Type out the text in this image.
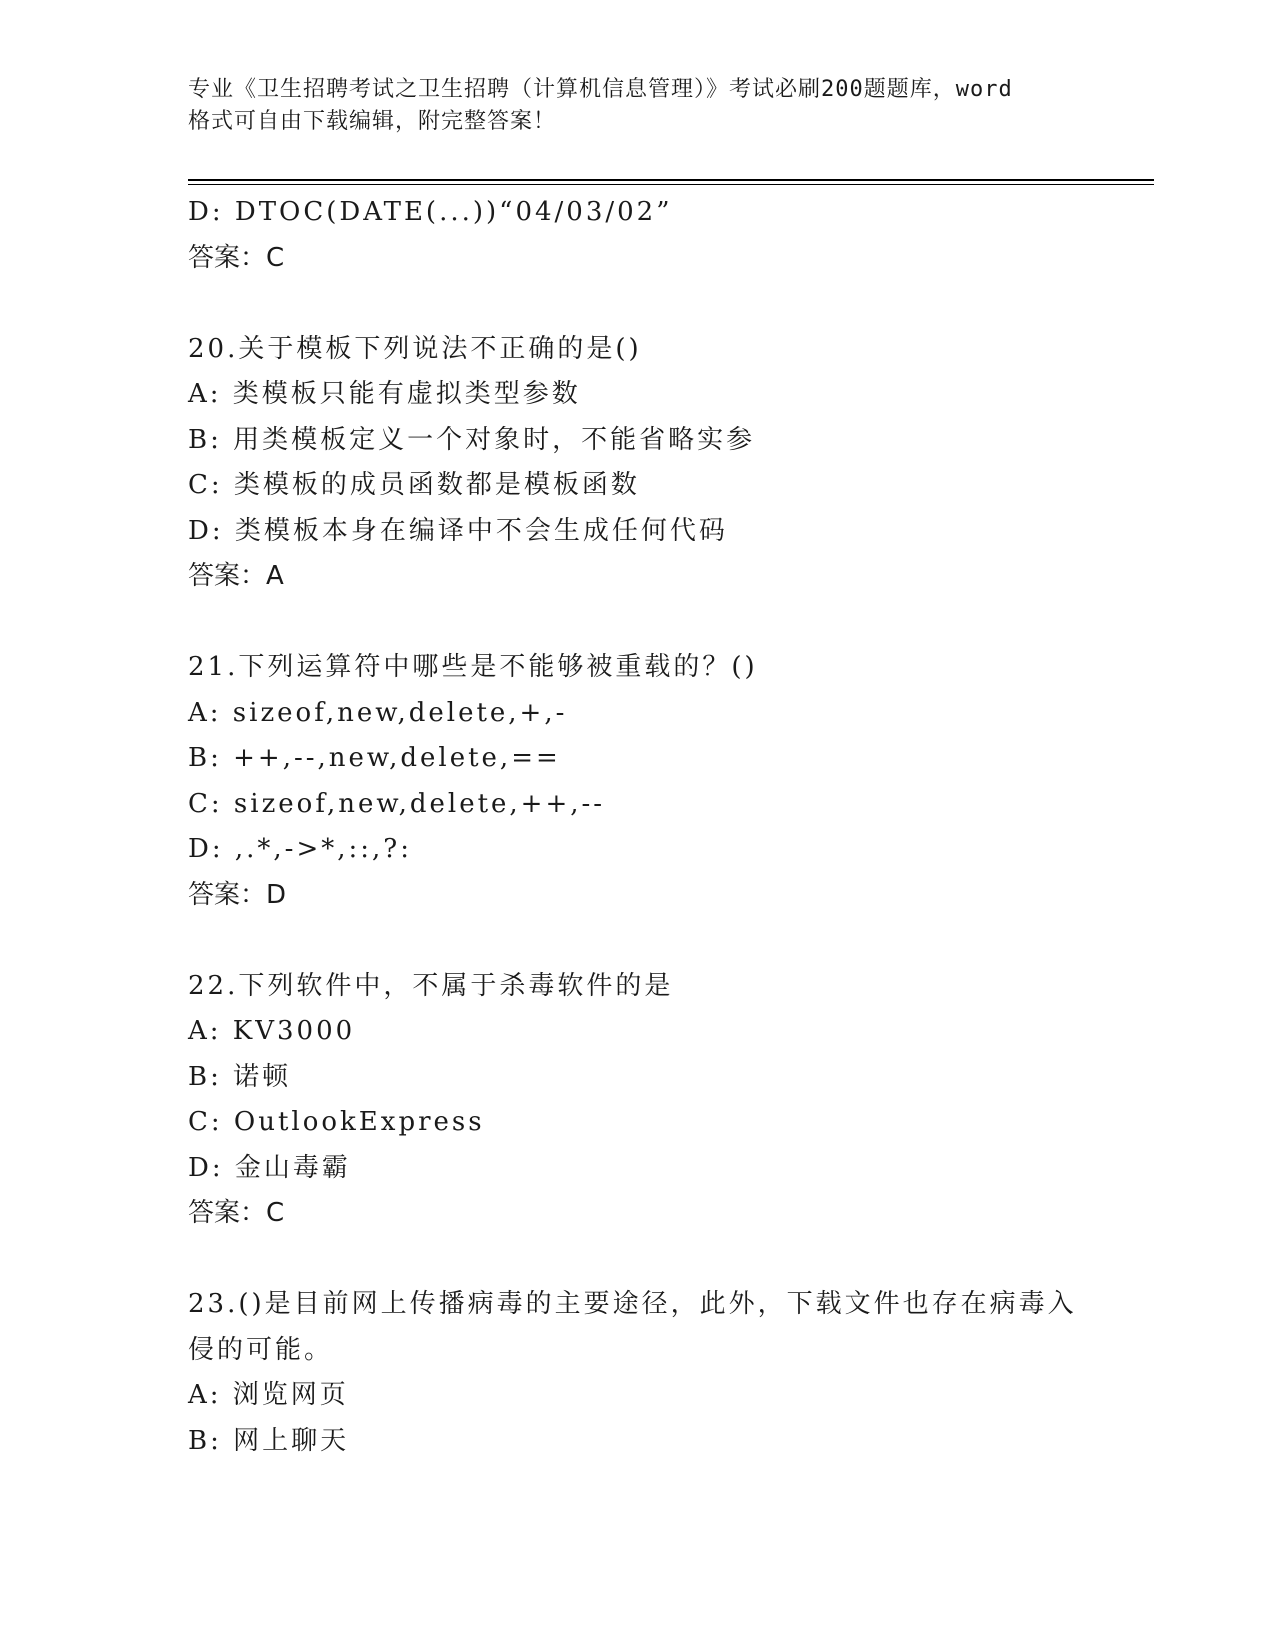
专业《卫生招聘考试之卫生招聘（计算机信息管理）》考试必刷200题题库，word
格式可自由下载编辑，附完整答案！
D: DTOC(DATE(...))“04/03/02”
答案：C
20.关于模板下列说法不正确的是()
A: 类模板只能有虚拟类型参数
B: 用类模板定义一个对象时，不能省略实参
C: 类模板的成员函数都是模板函数
D: 类模板本身在编译中不会生成任何代码
答案：A
21.下列运算符中哪些是不能够被重载的？()
A: sizeof,new,delete,+,-
B: ++,--,new,delete,==
C: sizeof,new,delete,++,--
D: ,.*,->*,::,?:
答案：D
22.下列软件中，不属于杀毒软件的是
A: KV3000
B: 诺顿
C: OutlookExpress
D: 金山毒霸
答案：C
23.()是目前网上传播病毒的主要途径，此外，下载文件也存在病毒入
侵的可能。
A: 浏览网页
B: 网上聊天
